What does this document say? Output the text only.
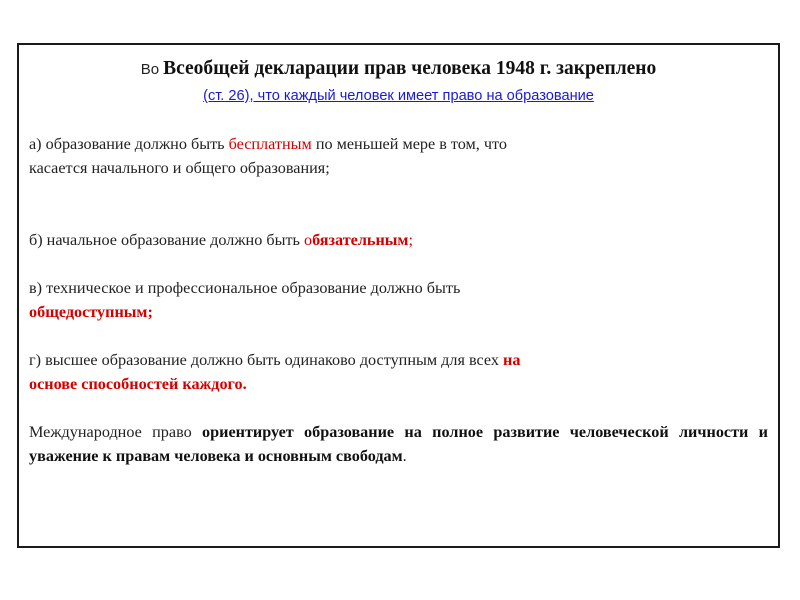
Во Всеобщей декларации прав человека 1948 г. закреплено
(ст. 26), что каждый человек имеет право на образование

а) образование должно быть бесплатным по меньшей мере в том, что
касается начального и общего образования;

б) начальное образование должно быть обязательным;

в) техническое и профессиональное образование должно быть
общедоступным;

г) высшее образование должно быть одинаково доступным для всех на
основе способностей каждого.

Международное право ориентирует образование на полное развитие человеческой личности и уважение к правам человека и основным свободам.
